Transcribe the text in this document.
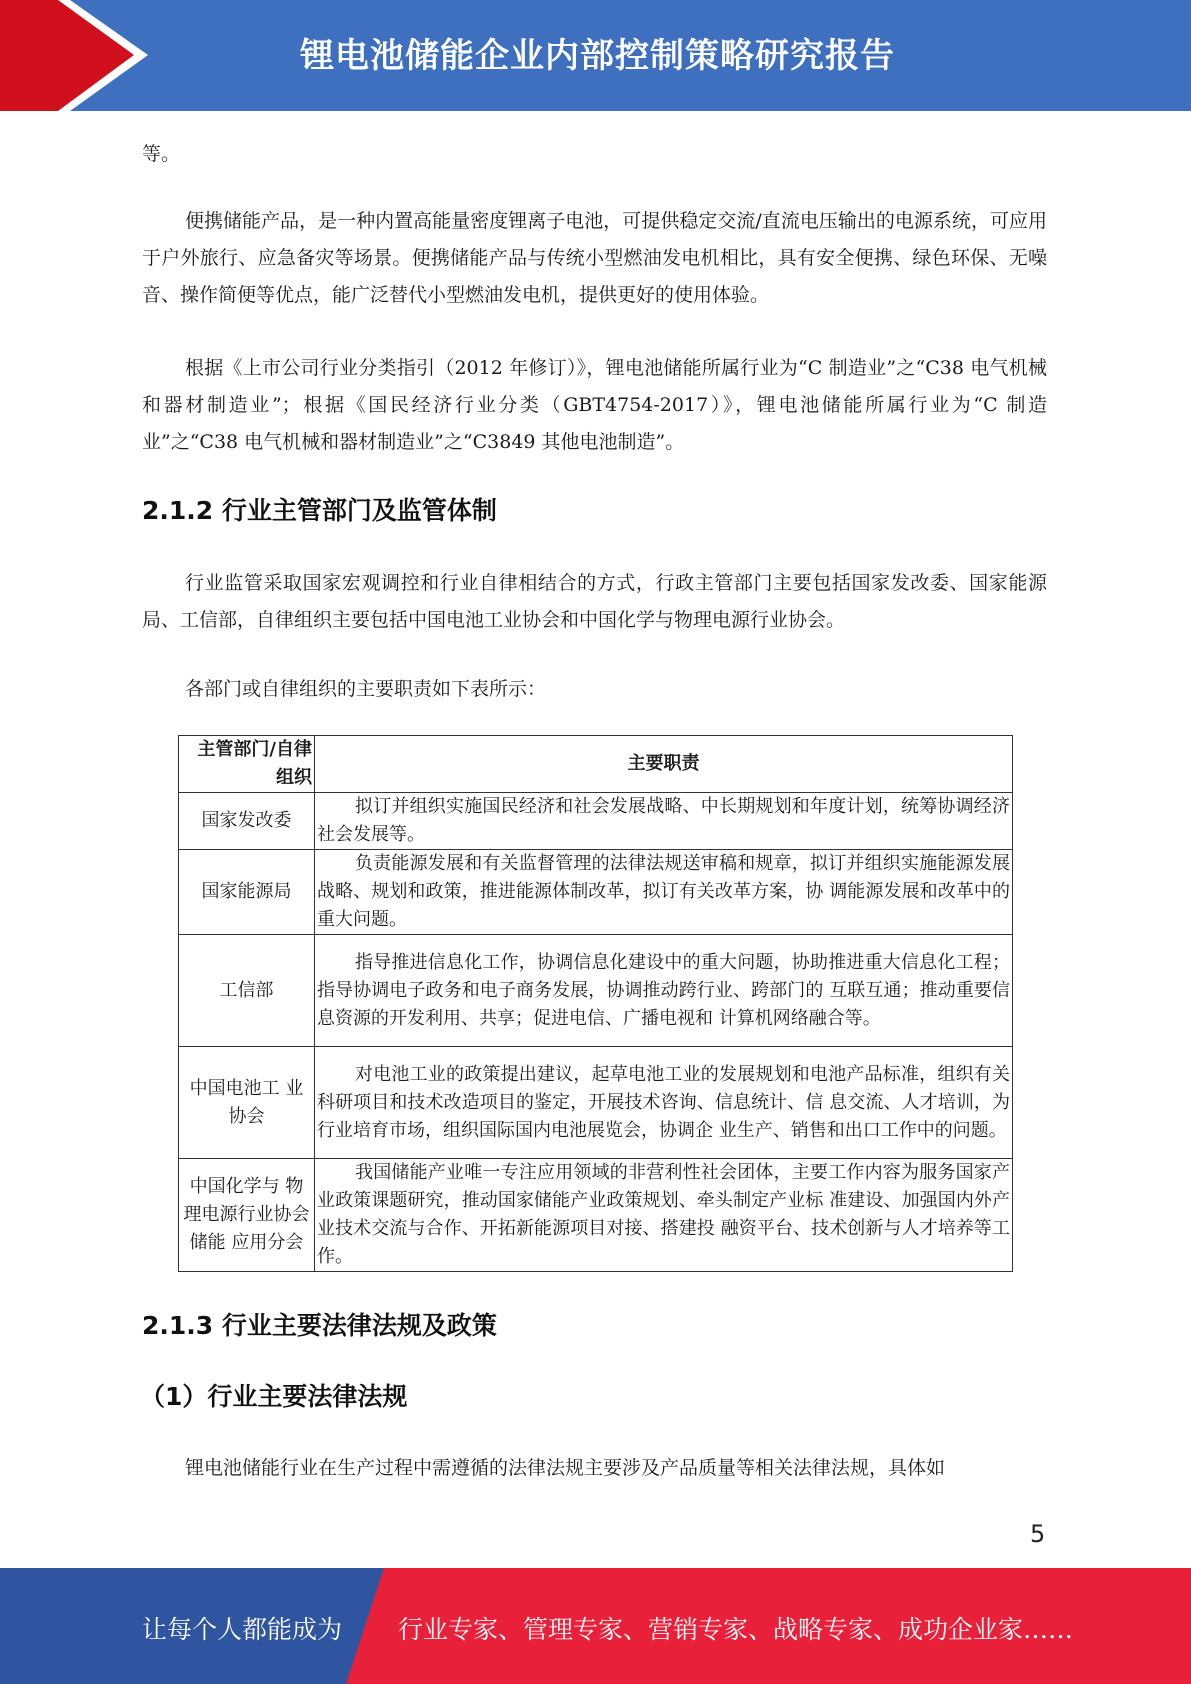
锂电池储能企业内部控制策略研究报告

等。

便携储能产品，是一种内置高能量密度锂离子电池，可提供稳定交流/直流电压输出的电源系统，可应用于户外旅行、应急备灾等场景。便携储能产品与传统小型燃油发电机相比，具有安全便携、绿色环保、无噪音、操作简便等优点，能广泛替代小型燃油发电机，提供更好的使用体验。

根据《上市公司行业分类指引（2012 年修订）》，锂电池储能所属行业为“C 制造业”之“C38 电气机械和器材制造业”；根据《国民经济行业分类（GBT4754-2017）》，锂电池储能所属行业为“C 制造业”之“C38 电气机械和器材制造业”之“C3849 其他电池制造”。

2.1.2 行业主管部门及监管体制

行业监管采取国家宏观调控和行业自律相结合的方式，行政主管部门主要包括国家发改委、国家能源局、工信部，自律组织主要包括中国电池工业协会和中国化学与物理电源行业协会。

各部门或自律组织的主要职责如下表所示：

2.1.3 行业主要法律法规及政策
（1）行业主要法律法规

锂电池储能行业在生产过程中需遵循的法律法规主要涉及产品质量等相关法律法规，具体如

主管部门/自律组织	主要职责
国家发改委	拟订并组织实施国民经济和社会发展战略、中长期规划和年度计划，统筹协调经济社会发展等。
国家能源局	负责能源发展和有关监督管理的法律法规送审稿和规章，拟订并组织实施能源发展战略、规划和政策，推进能源体制改革，拟订有关改革方案，协 调能源发展和改革中的重大问题。
工信部	指导推进信息化工作，协调信息化建设中的重大问题，协助推进重大信息化工程；指导协调电子政务和电子商务发展，协调推动跨行业、跨部门的 互联互通；推动重要信息资源的开发利用、共享；促进电信、广播电视和 计算机网络融合等。
中国电池工 业协会	对电池工业的政策提出建议，起草电池工业的发展规划和电池产品标准，组织有关科研项目和技术改造项目的鉴定，开展技术咨询、信息统计、信 息交流、人才培训，为行业培育市场，组织国际国内电池展览会，协调企 业生产、销售和出口工作中的问题。
中国化学与 物理电源行业协会储能 应用分会	我国储能产业唯一专注应用领域的非营利性社会团体，主要工作内容为服务国家产业政策课题研究，推动国家储能产业政策规划、牵头制定产业标 准建设、加强国内外产业技术交流与合作、开拓新能源项目对接、搭建投 融资平台、技术创新与人才培养等工作。
5
让每个人都能成为 行业专家、管理专家、营销专家、战略专家、成功企业家……
